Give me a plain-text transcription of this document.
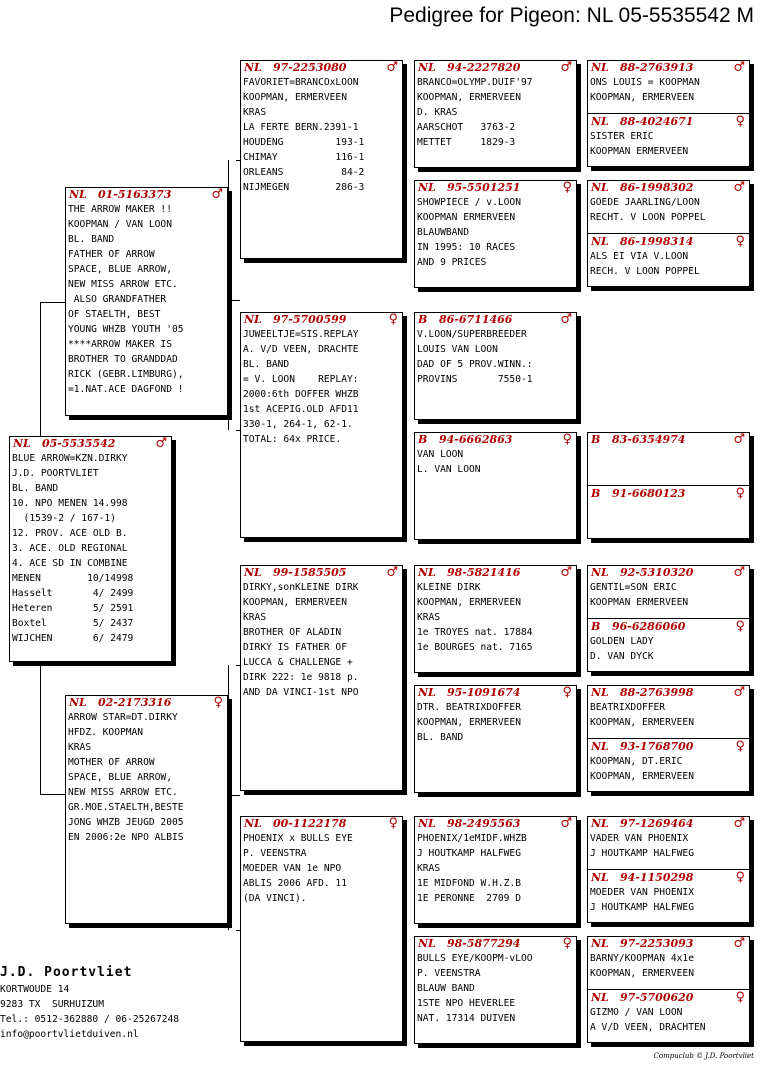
Pedigree for Pigeon: NL 05-5535542 M
NL 05-5535542	♂
BLUE ARROW=KZN.DIRKY
J.D. POORTVLIET
BL. BAND
10. NPO MENEN 14.998
(1539-2 / 167-1)
12. PROV. ACE OLD B.
3. ACE. OLD REGIONAL
4. ACE SD IN COMBINE
MENEN        10/14998
Hasselt       4/ 2499
Heteren       5/ 2591
Boxtel        5/ 2437
WIJCHEN       6/ 2479
NL 01-5163373	♂
THE ARROW MAKER !!
KOOPMAN / VAN LOON
BL. BAND
FATHER OF ARROW
SPACE, BLUE ARROW,
NEW MISS ARROW ETC.
ALSO GRANDFATHER
OF STAELTH, BEST
YOUNG WHZB YOUTH '05
****ARROW MAKER IS
BROTHER TO GRANDDAD
RICK (GEBR.LIMBURG),
=1.NAT.ACE DAGFOND !
NL 02-2173316	♀
ARROW STAR=DT.DIRKY
HFDZ. KOOPMAN
KRAS
MOTHER OF ARROW
SPACE, BLUE ARROW,
NEW MISS ARROW ETC.
GR.MOE.STAELTH,BESTE
JONG WHZB JEUGD 2005
EN 2006:2e NPO ALBIS
NL 97-2253080	♂
FAVORIET=BRANCOxLOON
KOOPMAN, ERMERVEEN
KRAS
LA FERTE BERN.2391-1
HOUDENG         193-1
CHIMAY          116-1
ORLEANS          84-2
NIJMEGEN        286-3
NL 97-5700599	♀
JUWEELTJE=SIS.REPLAY
A. V/D VEEN, DRACHTE
BL. BAND
= V. LOON    REPLAY:
2000:6th DOFFER WHZB
1st ACEPIG.OLD AFD11
330-1, 264-1, 62-1.
TOTAL: 64x PRICE.
NL 99-1585505	♂
DIRKY,sonKLEINE DIRK
KOOPMAN, ERMERVEEN
KRAS
BROTHER OF ALADIN
DIRKY IS FATHER OF
LUCCA & CHALLENGE +
DIRK 222: 1e 9818 p.
AND DA VINCI-1st NPO
NL 00-1122178	♀
PHOENIX x BULLS EYE
P. VEENSTRA
MOEDER VAN 1e NPO
ABLIS 2006 AFD. 11
(DA VINCI).
NL 94-2227820	♂
BRANCO=OLYMP.DUIF'97
KOOPMAN, ERMERVEEN
D. KRAS
AARSCHOT   3763-2
METTET     1829-3
NL 95-5501251	♀
SHOWPIECE / v.LOON
KOOPMAN ERMERVEEN
BLAUWBAND
IN 1995: 10 RACES
AND 9 PRICES
B 86-6711466	♂
V.LOON/SUPERBREEDER
LOUIS VAN LOON
DAD OF 5 PROV.WINN.:
PROVINS       7550-1
B 94-6662863	♀
VAN LOON
L. VAN LOON
NL 98-5821416	♂
KLEINE DIRK
KOOPMAN, ERMERVEEN
KRAS
1e TROYES nat. 17884
1e BOURGES nat. 7165
NL 95-1091674	♀
DTR. BEATRIXDOFFER
KOOPMAN, ERMERVEEN
BL. BAND
NL 98-2495563	♂
PHOENIX/1eMIDF.WHZB
J HOUTKAMP HALFWEG
KRAS
1E MIDFOND W.H.Z.B
1E PERONNE  2709 D
NL 98-5877294	♀
BULLS EYE/KOOPM-vLOO
P. VEENSTRA
BLAUW BAND
1STE NPO HEVERLEE
NAT. 17314 DUIVEN
NL 88-2763913	♂
ONS LOUIS = KOOPMAN
KOOPMAN, ERMERVEEN
NL 88-4024671	♀
SISTER ERIC
KOOPMAN ERMERVEEN
NL 86-1998302	♂
GOEDE JAARLING/LOON
RECHT. V LOON POPPEL
NL 86-1998314	♀
ALS EI VIA V.LOON
RECH. V LOON POPPEL
B 83-6354974	♂
B 91-6680123	♀
NL 92-5310320	♂
GENTIL=SON ERIC
KOOPMAN ERMERVEEN
B 96-6286060	♀
GOLDEN LADY
D. VAN DYCK
NL 88-2763998	♂
BEATRIXDOFFER
KOOPMAN, ERMERVEEN
NL 93-1768700	♀
KOOPMAN, DT.ERIC
KOOPMAN, ERMERVEEN
NL 97-1269464	♂
VADER VAN PHOENIX
J HOUTKAMP HALFWEG
NL 94-1150298	♀
MOEDER VAN PHOENIX
J HOUTKAMP HALFWEG
NL 97-2253093	♂
BARNY/KOOPMAN 4x1e
KOOPMAN, ERMERVEEN
NL 97-5700620	♀
GIZMO / VAN LOON
A V/D VEEN, DRACHTEN
J.D. Poortvliet
KORTWOUDE 14
9283 TX  SURHUIZUM
Tel.: 0512-362880 / 06-25267248
info@poortvlietduiven.nl
Compuclub © J.D. Poortvliet
